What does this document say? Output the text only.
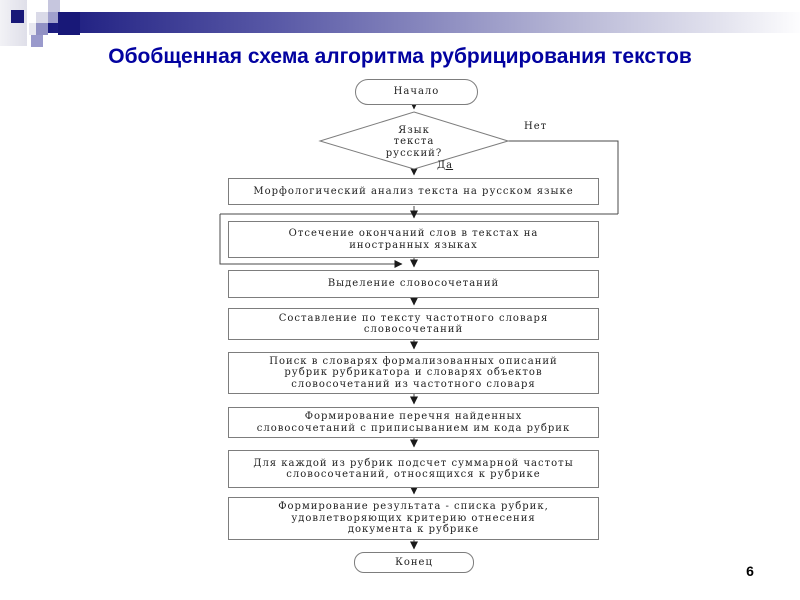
Обобщенная схема алгоритма рубрицирования текстов
Начало
Язык
текста
русский?
Да
Нет
Морфологический анализ текста на русском языке
Отсечение окончаний слов в текстах на
иностранных языках
Выделение словосочетаний
Составление по тексту частотного словаря
словосочетаний
Поиск в словарях формализованных описаний
рубрик рубрикатора и словарях объектов
словосочетаний из частотного словаря
Формирование перечня найденных
словосочетаний с приписыванием им кода рубрик
Для каждой из рубрик подсчет суммарной частоты
словосочетаний, относящихся к рубрике
Формирование результата - списка рубрик,
удовлетворяющих критерию отнесения
документа к рубрике
Конец
6
